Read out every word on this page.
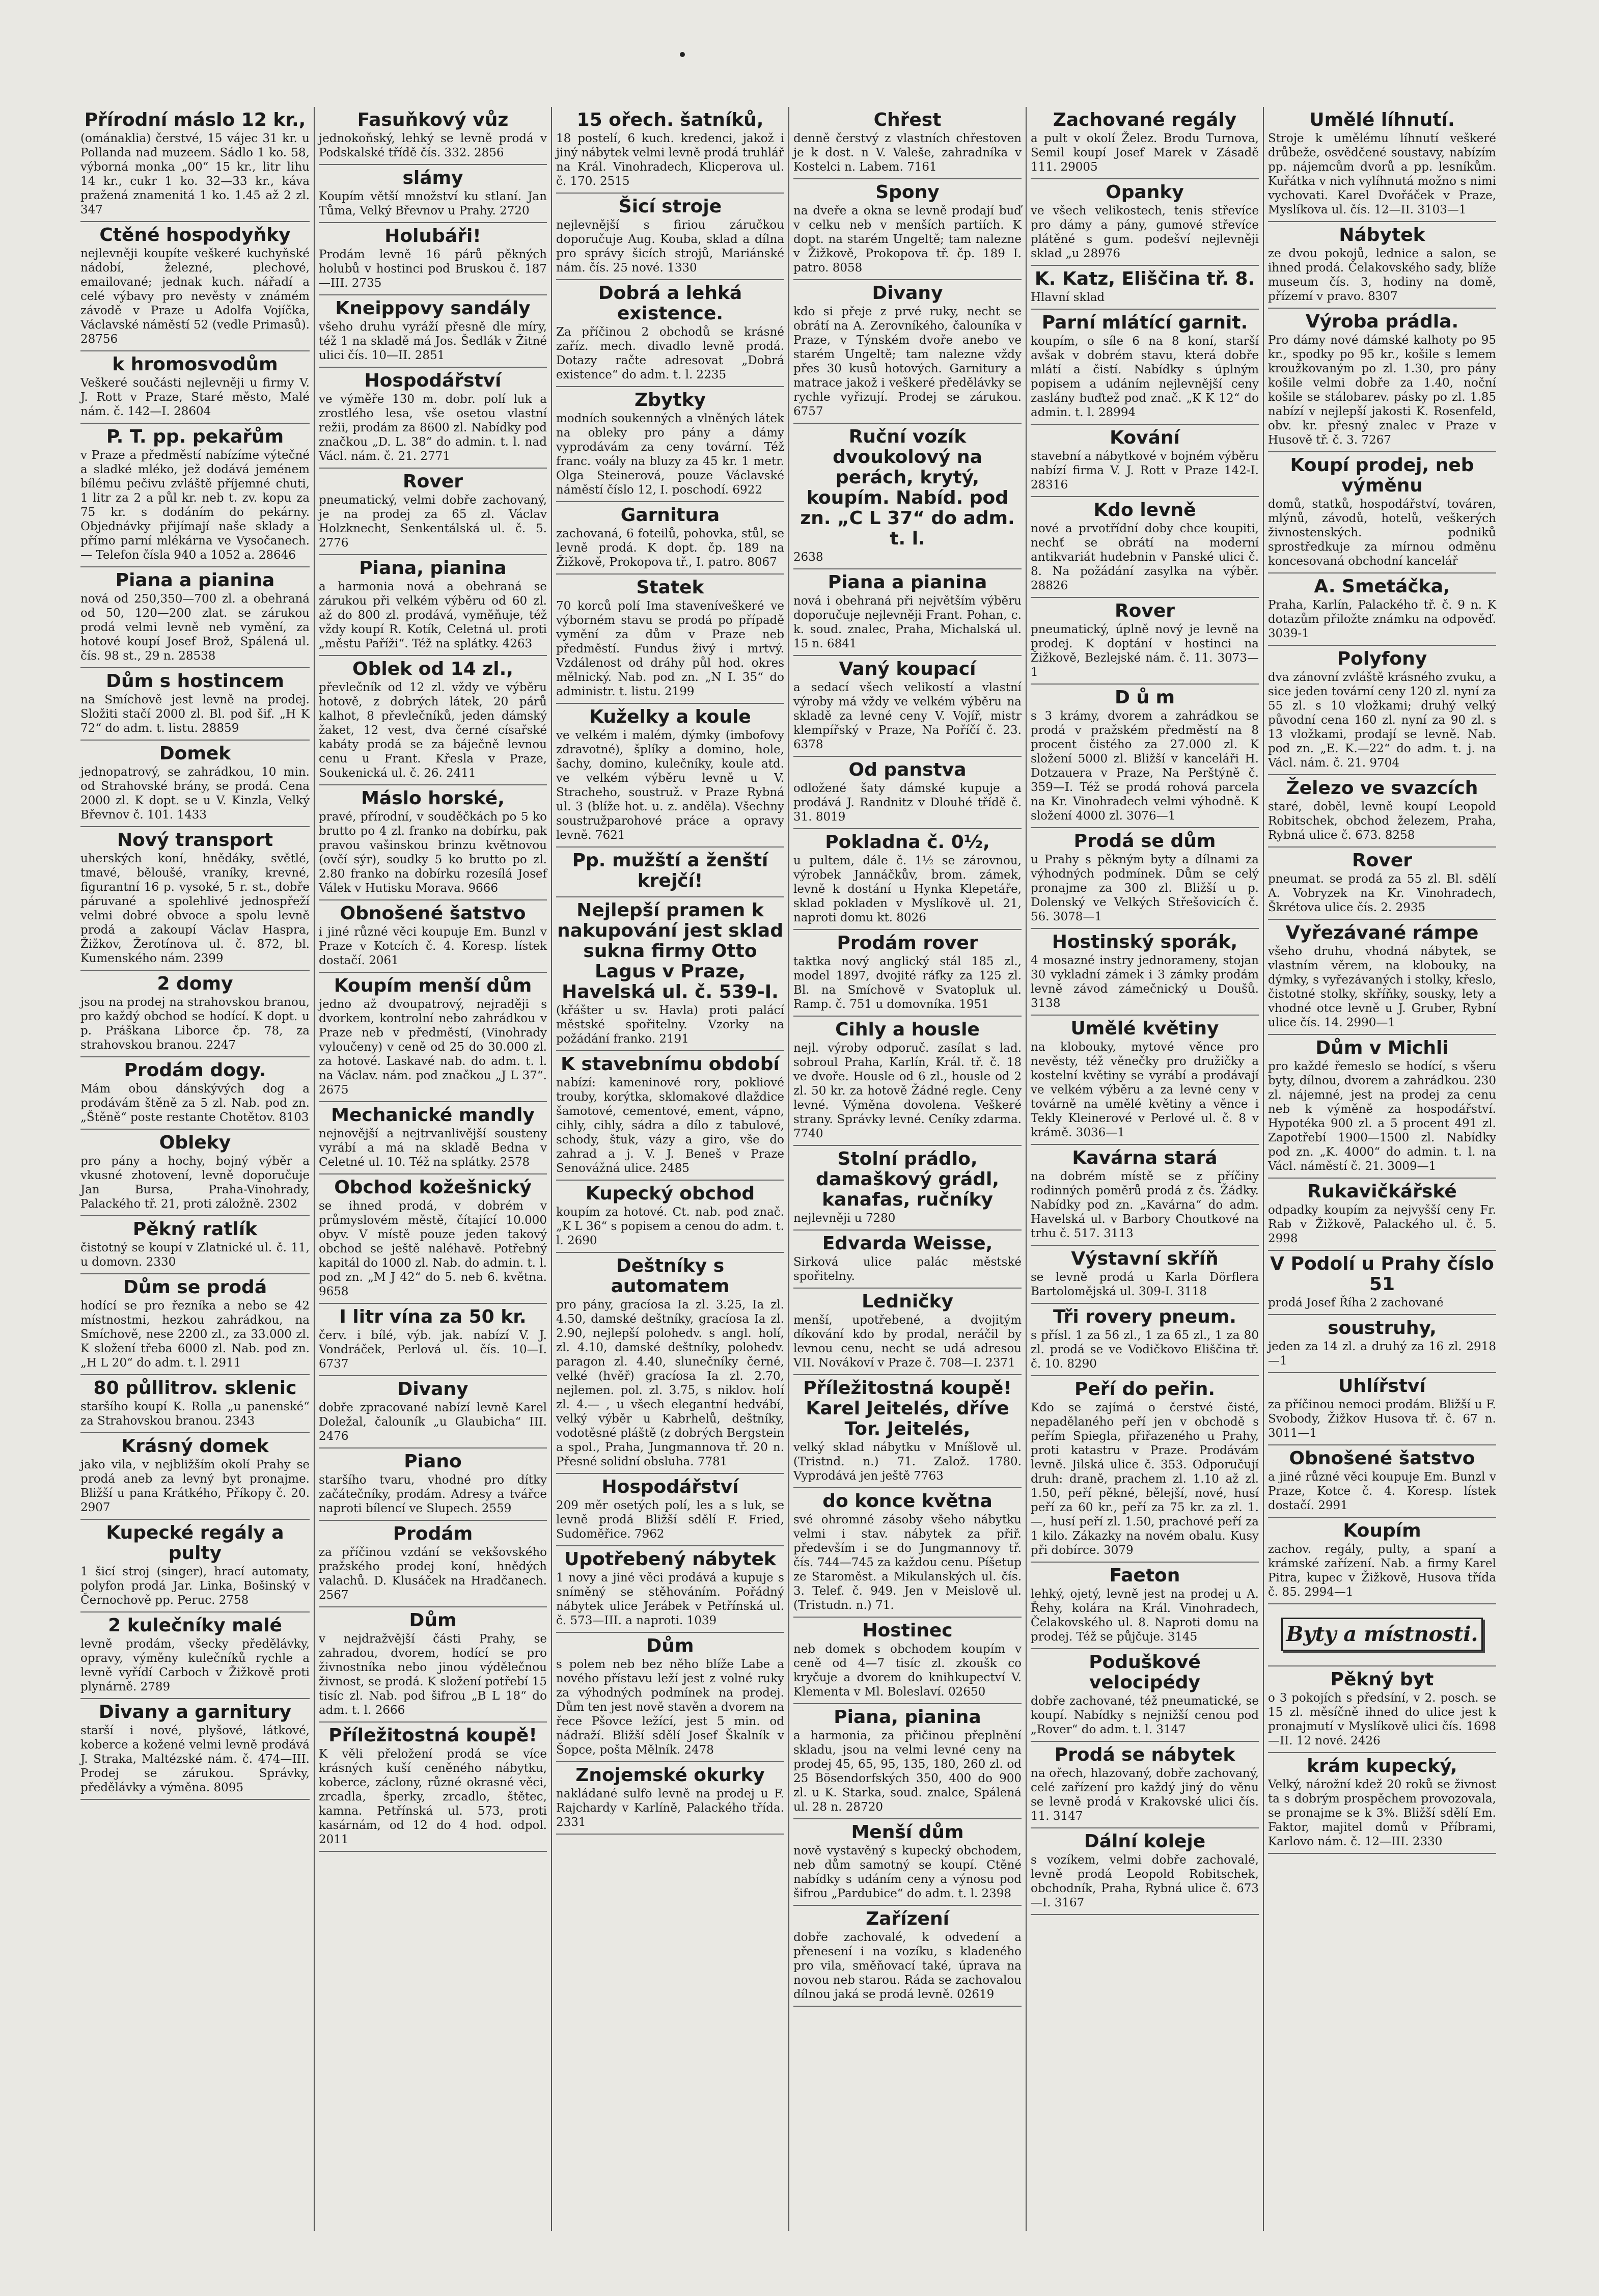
Přírodní máslo 12 kr.,

(ománaklia) čerstvé, 15 vájec 31 kr. u Pollanda nad muzeem. Sádlo 1 ko. 58, výborná monka „00“ 15 kr., litr lihu 14 kr., cukr 1 ko. 32—33 kr., káva pražená znamenitá 1 ko. 1.45 až 2 zl. 347

Ctěné hospodyňky

nejlevněji koupíte veškeré kuchyňské nádobí, železné, plechové, emailované; jednak kuch. nářadí a celé výbavy pro nevěsty v známém závodě v Praze u Adolfa Vojíčka, Václavské náměstí 52 (vedle Primasů). 28756

k hromosvodům

Veškeré součásti nejlevněji u firmy V. J. Rott v Praze, Staré město, Malé nám. č. 142—I. 28604

P. T. pp. pekařům

v Praze a předměstí nabízíme výtečné a sladké mléko, jež dodává jeménem bílému pečivu zvláště příjemné chuti, 1 litr za 2 a půl kr. neb t. zv. kopu za 75 kr. s dodáním do pekárny. Objednávky přijímají naše sklady a přímo parní mlékárna ve Vysočanech. — Telefon čísla 940 a 1052 a. 28646

Piana a pianina

nová od 250,350—700 zl. a obehraná od 50, 120—200 zlat. se zárukou prodá velmi levně neb vymění, za hotové koupí Josef Brož, Spálená ul. čís. 98 st., 29 n. 28538

Dům s hostincem

na Smíchově jest levně na prodej. Složiti stačí 2000 zl. Bl. pod šif. „H K 72“ do adm. t. listu. 28859

Domek

jednopatrový, se zahrádkou, 10 min. od Strahovské brány, se prodá. Cena 2000 zl. K dopt. se u V. Kinzla, Velký Břevnov č. 101. 1433

Nový transport

uherských koní, hnědáky, světlé, tmavé, běloušé, vraníky, krevné, figurantní 16 p. vysoké, 5 r. st., dobře páruvané a spolehlivé jednospřeží velmi dobré obvoce a spolu levně prodá a zakoupí Václav Haspra, Žižkov, Žerotínova ul. č. 872, bl. Kumenského nám. 2399

2 domy

jsou na prodej na strahovskou branou, pro každý obchod se hodící. K dopt. u p. Práškana Liborce čp. 78, za strahovskou branou. 2247

Prodám dogy.

Mám obou dánskývých dog a prodávám štěně za 5 zl. Nab. pod zn. „Štěně“ poste restante Chotětov. 8103

Obleky

pro pány a hochy, bojný výběr a vkusné zhotovení, levně doporučuje Jan Bursa, Praha-Vinohrady, Palackého tř. 21, proti záložně. 2302

Pěkný ratlík

čistotný se koupí v Zlatnické ul. č. 11, u domovn. 2330

Dům se prodá

hodící se pro řezníka a nebo se 42 místnostmi, hezkou zahrádkou, na Smíchově, nese 2200 zl., za 33.000 zl. K složení třeba 6000 zl. Nab. pod zn. „H L 20“ do adm. t. l. 2911

80 půllitrov. sklenic

staršího koupí K. Rolla „u panenské“ za Strahovskou branou. 2343

Krásný domek

jako vila, v nejbližším okolí Prahy se prodá aneb za levný byt pronajme. Bližší u pana Krátkého, Příkopy č. 20. 2907

Kupecké regály a pulty

1 šicí stroj (singer), hrací automaty, polyfon prodá Jar. Linka, Bošinský v Černochově pp. Peruc. 2758

2 kulečníky malé

levně prodám, všecky předělávky, opravy, výměny kulečníků rychle a levně vyřídí Carboch v Žižkově proti plynárně. 2789

Divany a garnitury

starší i nové, plyšové, látkové, koberce a kožené velmi levně prodává J. Straka, Maltézské nám. č. 474—III. Prodej se zárukou. Správky, předělávky a výměna. 8095

Fasuňkový vůz

jednokoňský, lehký se levně prodá v Podskalské třídě čís. 332. 2856

slámy

Koupím větší množství ku stlaní. Jan Tůma, Velký Břevnov u Prahy. 2720

Holubáři!

Prodám levně 16 párů pěkných holubů v hostinci pod Bruskou č. 187—III. 2735

Kneippovy sandály

všeho druhu vyráží přesně dle míry, též 1 na skladě má Jos. Šedlák v Žitné ulici čís. 10—II. 2851

Hospodářství

ve výměře 130 m. dobr. polí luk a zrostlého lesa, vše osetou vlastní režii, prodám za 8600 zl. Nabídky pod značkou „D. L. 38“ do admin. t. l. nad Václ. nám. č. 21. 2771

Rover

pneumatický, velmi dobře zachovaný, je na prodej za 65 zl. Václav Holzknecht, Senkentálská ul. č. 5. 2776

Piana, pianina

a harmonia nová a obehraná se zárukou při velkém výběru od 60 zl. až do 800 zl. prodává, vyměňuje, též vždy koupí R. Kotík, Celetná ul. proti „městu Paříži“. Též na splátky. 4263

Oblek od 14 zl.,

převlečník od 12 zl. vždy ve výběru hotově, z dobrých látek, 20 párů kalhot, 8 převlečníků, jeden dámský žaket, 12 vest, dva černé císařské kabáty prodá se za báječně levnou cenu u Frant. Křesla v Praze, Soukenická ul. č. 26. 2411

Máslo horské,

pravé, přírodní, v souděčkách po 5 ko brutto po 4 zl. franko na dobírku, pak pravou vašinskou brinzu květnovou (ovčí sýr), soudky 5 ko brutto po zl. 2.80 franko na dobírku rozesílá Josef Válek v Hutisku Morava. 9666

Obnošené šatstvo

i jiné různé věci koupuje Em. Bunzl v Praze v Kotcích č. 4. Koresp. lístek dostačí. 2061

Koupím menší dům

jedno až dvoupatrový, nejraději s dvorkem, kontrolní nebo zahrádkou v Praze neb v předměstí, (Vinohrady vyloučeny) v ceně od 25 do 30.000 zl. za hotové. Laskavé nab. do adm. t. l. na Václav. nám. pod značkou „J L 37“. 2675

Mechanické mandly

nejnovější a nejtrvanlivější sousteny vyrábí a má na skladě Bedna v Celetné ul. 10. Též na splátky. 2578

Obchod kožešnický

se ihned prodá, v dobrém v průmyslovém městě, čítající 10.000 obyv. V místě pouze jeden takový obchod se ještě naléhavě. Potřebný kapitál do 1000 zl. Nab. do admin. t. l. pod zn. „M J 42“ do 5. neb 6. května. 9658

I litr vína za 50 kr.

červ. i bílé, výb. jak. nabízí V. J. Vondráček, Perlová ul. čís. 10—I. 6737

Divany

dobře zpracované nabízí levně Karel Doležal, čalouník „u Glaubicha“ III. 2476

Piano

staršího tvaru, vhodné pro dítky začátečníky, prodám. Adresy a tvářce naproti bílencí ve Slupech. 2559

Prodám

za příčinou vzdání se vekšovského pražského prodej koní, hnědých valachů. D. Klusáček na Hradčanech. 2567

Dům

v nejdražvější části Prahy, se zahradou, dvorem, hodící se pro živnostníka nebo jinou výdělečnou živnost, se prodá. K složení potřebí 15 tisíc zl. Nab. pod šifrou „B L 18“ do adm. t. l. 2666

Příležitostná koupě!

K věli přeložení prodá se více krásných kuší ceněného nábytku, koberce, záclony, různé okrasné věci, zrcadla, šperky, zrcadlo, štětec, kamna. Petřínská ul. 573, proti kasárnám, od 12 do 4 hod. odpol. 2011

15 ořech. šatníků,

18 postelí, 6 kuch. kredenci, jakož i jiný nábytek velmi levně prodá truhlář na Král. Vinohradech, Klicperova ul. č. 170. 2515

Šicí stroje

nejlevnější s firiou záručkou doporučuje Aug. Kouba, sklad a dílna pro správy šicích strojů, Mariánské nám. čís. 25 nové. 1330

Dobrá a lehká existence.

Za příčinou 2 obchodů se krásné zaříz. mech. divadlo levně prodá. Dotazy račte adresovat „Dobrá existence“ do adm. t. l. 2235

Zbytky

modních soukenných a vlněných látek na obleky pro pány a dámy vyprodávám za ceny tovární. Též franc. voály na bluzy za 45 kr. 1 metr. Olga Steinerová, pouze Václavské náměstí číslo 12, I. poschodí. 6922

Garnitura

zachovaná, 6 foteilů, pohovka, stůl, se levně prodá. K dopt. čp. 189 na Žižkově, Prokopova tř., I. patro. 8067

Statek

70 korců polí Ima staveníveškeré ve výborném stavu se prodá po případě vymění za dům v Praze neb předměstí. Fundus živý i mrtvý. Vzdálenost od dráhy půl hod. okres mělnický. Nab. pod zn. „N I. 35“ do administr. t. listu. 2199

Kuželky a koule

ve velkém i malém, dýmky (imbofovy zdravotné), šplíky a domino, hole, šachy, domino, kulečníky, koule atd. ve velkém výběru levně u V. Stracheho, soustruž. v Praze Rybná ul. 3 (blíže hot. u. z. anděla). Všechny soustružparohové práce a opravy levně. 7621

Pp. mužští a ženští krejčí!
Nejlepší pramen k nakupování jest sklad sukna firmy Otto Lagus v Praze, Havelská ul. č. 539-I.

(křášter u sv. Havla) proti palácí městské spořitelny. Vzorky na požádání franko. 2191

K stavebnímu období

nabízí: kameninové rory, pokliové trouby, korýtka, sklomakové dlaždice šamotové, cementové, ement, vápno, cihly, cihly, sádra a dílo z tabulové, schody, štuk, vázy a giro, vše do zahrad a j. V. J. Beneš v Praze Senovážná ulice. 2485

Kupecký obchod

koupím za hotové. Ct. nab. pod znač. „K L 36“ s popisem a cenou do adm. t. l. 2690

Deštníky s automatem

pro pány, gracíosa Ia zl. 3.25, Ia zl. 4.50, damské deštníky, gracíosa Ia zl. 2.90, nejlepší polohedv. s angl. holí, zl. 4.10, damské deštníky, polohedv. paragon zl. 4.40, slunečníky černé, velké (hvěř) gracíosa Ia zl. 2.70, nejlemen. pol. zl. 3.75, s niklov. holí zl. 4.— , u všech elegantní hedvábí, velký výběr u Kabrhelů, deštníky, vodotěsné pláště (z dobrých Bergstein a spol., Praha, Jungmannova tř. 20 n. Přesné solidní obsluha. 7781

Hospodářství

209 měr osetých polí, les a s luk, se levně prodá Bližší sdělí F. Fried, Sudoměřice. 7962

Upotřebený nábytek

1 novy a jiné věci prodává a kupuje s sníměný se stěhováním. Pořádný nábytek ulice Jerábek v Petřínská ul. č. 573—III. a naproti. 1039

Dům

s polem neb bez něho blíže Labe a nového přístavu leží jest z volné ruky za výhodných podmínek na prodej. Dům ten jest nově stavěn a dvorem na řece Pšovce ležící, jest 5 min. od nádraží. Bližší sdělí Josef Škalník v Šopce, pošta Mělník. 2478

Znojemské okurky

nakládané sulfo levně na prodej u F. Rajchardy v Karlíně, Palackého třída. 2331

Chřest

denně čerstvý z vlastních chřestoven je k dost. n V. Valeše, zahradníka v Kostelci n. Labem. 7161

Spony

na dveře a okna se levně prodají buď v celku neb v menších partiích. K dopt. na starém Ungeltě; tam nalezne v Žižkově, Prokopova tř. čp. 189 I. patro. 8058

Divany

kdo si přeje z prvé ruky, necht se obrátí na A. Zerovníkého, čalouníka v Praze, v Týnském dvoře anebo ve starém Ungeltě; tam nalezne vždy přes 30 kusů hotových. Garnitury a matrace jakož i veškeré předělávky se rychle vyřizují. Prodej se zárukou. 6757

Ruční vozík dvoukolový na perách, krytý, koupím. Nabíd. pod zn. „C L 37“ do adm. t. l.

2638

Piana a pianina

nová i obehraná při největším výběru doporučuje nejlevněji Frant. Pohan, c. k. soud. znalec, Praha, Michalská ul. 15 n. 6841

Vaný koupací

a sedací všech velikostí a vlastní výroby má vždy ve velkém výběru na skladě za levné ceny V. Vojíř, mistr klempířský v Praze, Na Poříčí č. 23. 6378

Od panstva

odložené šaty dámské kupuje a prodává J. Randnitz v Dlouhé třídě č. 31. 8019

Pokladna č. 0½,

u pultem, dále č. 1½ se zárovnou, výrobek Jannáčkův, brom. zámek, levně k dostání u Hynka Klepetáře, sklad pokladen v Myslíkově ul. 21, naproti domu kt. 8026

Prodám rover

taktka nový anglický stál 185 zl., model 1897, dvojité ráfky za 125 zl. Bl. na Smíchově v Svatopluk ul. Ramp. č. 751 u domovníka. 1951

Cihly a housle

nejl. výroby odporuč. zasílat s lad. sobroul Praha, Karlín, Král. tř. č. 18 ve dvoře. Housle od 6 zl., housle od 2 zl. 50 kr. za hotově Žádné regle. Ceny levné. Výměna dovolena. Veškeré strany. Správky levné. Ceníky zdarma. 7740

Stolní prádlo, damaškový grádl, kanafas, ručníky

nejlevněji u 7280

Edvarda Weisse,

Sirková ulice palác městské spořitelny.

Ledničky

menší, upotřebené, a dvojitým díkování kdo by prodal, neráčil by levnou cenu, necht se udá adresou VII. Novákoví v Praze č. 708—I. 2371

Příležitostná koupě! Karel Jeitelés, dříve Tor. Jeitelés,

velký sklad nábytku v Mníšlově ul. (Tristnd. n.) 71. Založ. 1780. Vyprodává jen ještě 7763

do konce května

své ohromné zásoby všeho nábytku velmi i stav. nábytek za přiř. především i se do Jungmannovy tř. čís. 744—745 za každou cenu. Píšetup ze Staroměst. a Mikulanských ul. čís. 3. Telef. č. 949. Jen v Meislově ul. (Tristudn. n.) 71.

Hostinec

neb domek s obchodem koupím v ceně od 4—7 tisíc zl. zkoušk co kryčuje a dvorem do knihkupectví V. Klementa v Ml. Boleslaví. 02650

Piana, pianina

a harmonia, za přičinou přeplnění skladu, jsou na velmi levné ceny na prodej 45, 65, 95, 135, 180, 260 zl. od 25 Bösendorfských 350, 400 do 900 zl. u K. Starka, soud. znalce, Spálená ul. 28 n. 28720

Menší dům

nově vystavěný s kupecký obchodem, neb dům samotný se koupí. Ctěné nabídky s udáním ceny a výnosu pod šifrou „Pardubice“ do adm. t. l. 2398

Zařízení

dobře zachovalé, k odvedení a přenesení i na vozíku, s kladeného pro vila, směňovací také, úprava na novou neb starou. Ráda se zachovalou dílnou jaká se prodá levně. 02619

Zachované regály

a pult v okolí Želez. Brodu Turnova, Semil koupí Josef Marek v Zásadě 111. 29005

Opanky

ve všech velikostech, tenis střevíce pro dámy a pány, gumové střevíce plátěné s gum. podešví nejlevněji sklad „u 28976

K. Katz, Eliščina tř. 8.

Hlavní sklad

Parní mlátící garnit.

koupím, o síle 6 na 8 koní, starší avšak v dobrém stavu, která dobře mlátí a čistí. Nabídky s úplným popisem a udáním nejlevnější ceny zaslány buďtež pod znač. „K K 12“ do admin. t. l. 28994

Kování

stavební a nábytkové v bojném výběru nabízí firma V. J. Rott v Praze 142-I. 28316

Kdo levně

nové a prvotřídní doby chce koupiti, nechť se obrátí na moderní antikvariát hudebnin v Panské ulici č. 8. Na požádání zasylka na výběr. 28826

Rover

pneumatický, úplně nový je levně na prodej. K doptání v hostinci na Žižkově, Bezlejské nám. č. 11. 3073—1

D ů m

s 3 krámy, dvorem a zahrádkou se prodá v pražském předměstí na 8 procent čistého za 27.000 zl. K složení 5000 zl. Bližší v kanceláři H. Dotzauera v Praze, Na Perštýně č. 359—I. Též se prodá rohová parcela na Kr. Vinohradech velmi výhodně. K složení 4000 zl. 3076—1

Prodá se dům

u Prahy s pěkným byty a dílnami za výhodných podmínek. Dům se celý pronajme za 300 zl. Bližší u p. Dolenský ve Velkých Střešovicích č. 56. 3078—1

Hostinský sporák,

4 mosazné instry jednorameny, stojan 30 vykladní zámek i 3 zámky prodám levně závod zámečnický u Doušů. 3138

Umělé květiny

na klobouky, mytové věnce pro nevěsty, též věnečky pro družičky a kostelní květiny se vyrábí a prodávají ve velkém výběru a za levné ceny v továrně na umělé květiny a věnce i Tekly Kleinerové v Perlové ul. č. 8 v krámě. 3036—1

Kavárna stará

na dobrém místě se z příčiny rodinných poměrů prodá z čs. Žádky. Nabídky pod zn. „Kavárna“ do adm. Havelská ul. v Barbory Choutkové na trhu č. 517. 3113

Výstavní skříň

se levně prodá u Karla Dörflera Bartolomějská ul. 309-I. 3118

Tři rovery pneum.

s přísl. 1 za 56 zl., 1 za 65 zl., 1 za 80 zl. prodá se ve Vodičkovo Eliščina tř. č. 10. 8290

Peří do peřin.

Kdo se zajímá o čerstvé čisté, nepadělaného peří jen v obchodě s peřím Spiegla, přiřazeného u Prahy, proti katastru v Praze. Prodávám levně. Jilská ulice č. 353. Odporučují druh: draně, prachem zl. 1.10 až zl. 1.50, peří pěkné, bělejší, nové, husí peří za 60 kr., peří za 75 kr. za zl. 1.—, husí peří zl. 1.50, prachové peří za 1 kilo. Zákazky na novém obalu. Kusy při dobírce. 3079

Faeton

lehký, ojetý, levně jest na prodej u A. Řehy, kolára na Král. Vinohradech, Čelakovského ul. 8. Naproti domu na prodej. Též se půjčuje. 3145

Poduškové velocipédy

dobře zachované, též pneumatické, se koupí. Nabídky s nejnižší cenou pod „Rover“ do adm. t. l. 3147

Prodá se nábytek

na ořech, hlazovaný, dobře zachovaný, celé zařízení pro každý jiný do věnu se levně prodá v Krakovské ulici čís. 11. 3147

Dální koleje

s vozíkem, velmi dobře zachovalé, levně prodá Leopold Robitschek, obchodník, Praha, Rybná ulice č. 673—I. 3167

Umělé líhnutí.

Stroje k umělému líhnutí veškeré drůbeže, osvědčené soustavy, nabízím pp. nájemcům dvorů a pp. lesníkům. Kuřátka v nich vylíhnutá možno s nimi vychovati. Karel Dvořáček v Praze, Myslíkova ul. čís. 12—II. 3103—1

Nábytek

ze dvou pokojů, lednice a salon, se ihned prodá. Čelakovského sady, blíže museum čís. 3, hodiny na domě, přízemí v pravo. 8307

Výroba prádla.

Pro dámy nové dámské kalhoty po 95 kr., spodky po 95 kr., košile s lemem kroužkovaným po zl. 1.30, pro pány košile velmi dobře za 1.40, noční košile se stálobarev. pásky po zl. 1.85 nabízí v nejlepší jakosti K. Rosenfeld, obv. kr. přesný znalec v Praze v Husově tř. č. 3. 7267

Koupí prodej, neb výměnu

domů, statků, hospodářství, továren, mlýnů, závodů, hotelů, veškerých živnostenských. podniků sprostředkuje za mírnou odměnu koncesovaná obchodní kancelář

A. Smetáčka,

Praha, Karlín, Palackého tř. č. 9 n. K dotazům přiložte známku na odpověď. 3039-1

Polyfony

dva zánovní zvláště krásného zvuku, a sice jeden tovární ceny 120 zl. nyní za 55 zl. s 10 vložkami; druhý velký původní cena 160 zl. nyní za 90 zl. s 13 vložkami, prodají se levně. Nab. pod zn. „E. K.—22“ do adm. t. j. na Václ. nám. č. 21. 9704

Železo ve svazcích

staré, doběl, levně koupí Leopold Robitschek, obchod železem, Praha, Rybná ulice č. 673. 8258

Rover

pneumat. se prodá za 55 zl. Bl. sdělí A. Vobryzek na Kr. Vinohradech, Škrétova ulice čís. 2. 2935

Vyřezávané rámpe

všeho druhu, vhodná nábytek, se vlastním věrem, na klobouky, na dýmky, s vyřezávaných i stolky, křeslo, čistotné stolky, skříňky, sousky, lety a vhodné otce levně u J. Gruber, Rybní ulice čís. 14. 2990—1

Dům v Michli

pro každé řemeslo se hodící, s všeru byty, dílnou, dvorem a zahrádkou. 230 zl. nájemné, jest na prodej za cenu neb k výměně za hospodářství. Hypotéka 900 zl. a 5 procent 491 zl. Zapotřebí 1900—1500 zl. Nabídky pod zn. „K. 4000“ do admin. t. l. na Václ. náměstí č. 21. 3009—1

Rukavičkářské

odpadky koupím za nejvyšší ceny Fr. Rab v Žižkově, Palackého ul. č. 5. 2998

V Podolí u Prahy číslo 51

prodá Josef Říha 2 zachované

soustruhy,

jeden za 14 zl. a druhý za 16 zl. 2918—1

Uhlířství

za příčinou nemoci prodám. Bližší u F. Svobody, Žižkov Husova tř. č. 67 n. 3011—1

Obnošené šatstvo

a jiné různé věci koupuje Em. Bunzl v Praze, Kotce č. 4. Koresp. lístek dostačí. 2991

Koupím

zachov. regály, pulty, a spaní a krámské zařízení. Nab. a firmy Karel Pitra, kupec v Žižkově, Husova třída č. 85. 2994—1

Byty a místnosti.
Pěkný byt

o 3 pokojích s předsíní, v 2. posch. se 15 zl. měsíčně ihned do ulice jest k pronajmutí v Myslíkově ulici čís. 1698—II. 12 nové. 2426

krám kupecký,

Velký, nárožní kdež 20 roků se živnost ta s dobrým prospěchem provozovala, se pronajme se k 3%. Bližší sdělí Em. Faktor, majitel domů v Příbrami, Karlovo nám. č. 12—III. 2330
